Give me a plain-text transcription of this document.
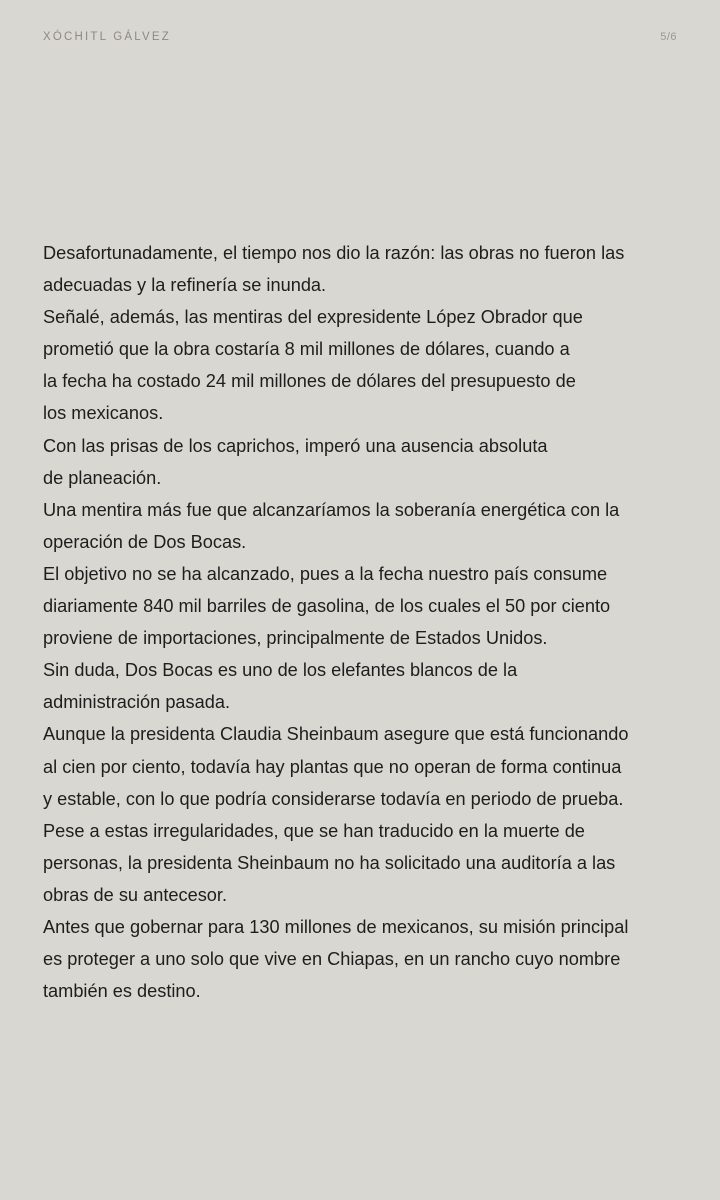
XÓCHITL GÁLVEZ	5/6

Desafortunadamente, el tiempo nos dio la razón: las obras no fueron las
adecuadas y la refinería se inunda.

Señalé, además, las mentiras del expresidente López Obrador que
prometió que la obra costaría 8 mil millones de dólares, cuando a
la fecha ha costado 24 mil millones de dólares del presupuesto de
los mexicanos.

Con las prisas de los caprichos, imperó una ausencia absoluta
de planeación.

Una mentira más fue que alcanzaríamos la soberanía energética con la
operación de Dos Bocas.

El objetivo no se ha alcanzado, pues a la fecha nuestro país consume
diariamente 840 mil barriles de gasolina, de los cuales el 50 por ciento
proviene de importaciones, principalmente de Estados Unidos.

Sin duda, Dos Bocas es uno de los elefantes blancos de la
administración pasada.

Aunque la presidenta Claudia Sheinbaum asegure que está funcionando
al cien por ciento, todavía hay plantas que no operan de forma continua
y estable, con lo que podría considerarse todavía en periodo de prueba.

Pese a estas irregularidades, que se han traducido en la muerte de
personas, la presidenta Sheinbaum no ha solicitado una auditoría a las
obras de su antecesor.

Antes que gobernar para 130 millones de mexicanos, su misión principal
es proteger a uno solo que vive en Chiapas, en un rancho cuyo nombre
también es destino.
